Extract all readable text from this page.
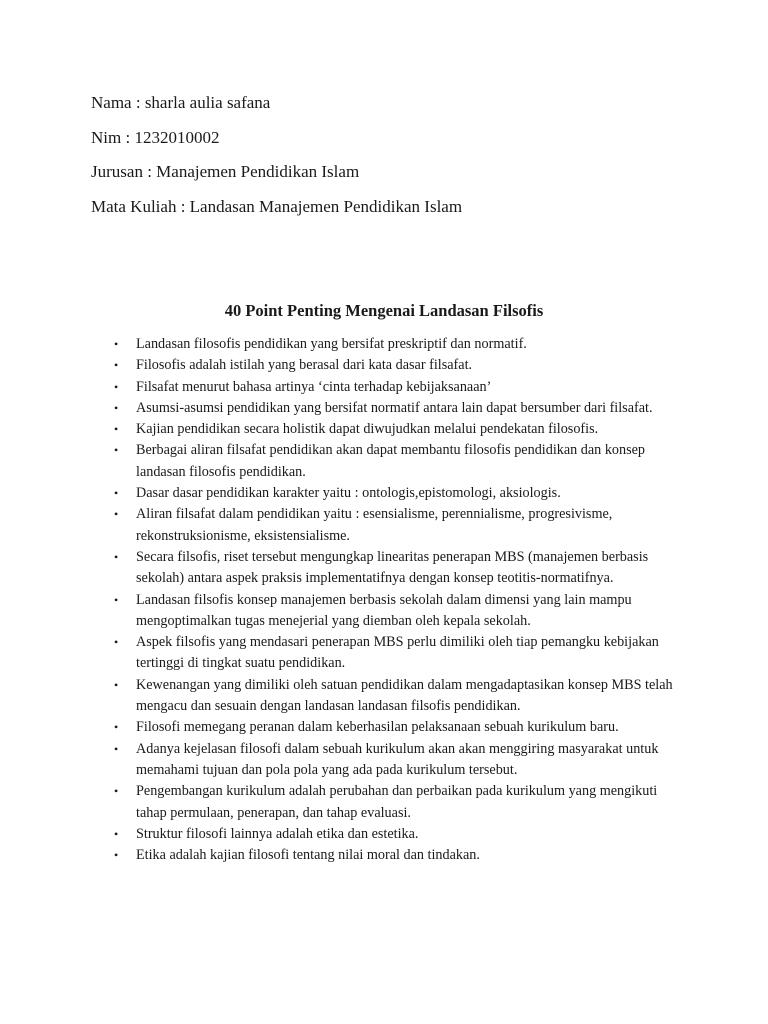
Nama : sharla aulia safana
Nim : 1232010002
Jurusan : Manajemen Pendidikan Islam
Mata Kuliah : Landasan Manajemen Pendidikan Islam
40 Point Penting Mengenai Landasan Filsofis
• Landasan filosofis pendidikan yang bersifat preskriptif dan normatif.
• Filosofis adalah istilah yang berasal dari kata dasar filsafat.
• Filsafat menurut bahasa artinya ‘cinta terhadap kebijaksanaan’
• Asumsi-asumsi pendidikan yang bersifat normatif antara lain dapat bersumber dari filsafat.
• Kajian pendidikan secara holistik dapat diwujudkan melalui pendekatan filosofis.
• Berbagai aliran filsafat pendidikan akan dapat membantu filosofis pendidikan dan konsep landasan filosofis pendidikan.
• Dasar dasar pendidikan karakter yaitu : ontologis,epistomologi, aksiologis.
• Aliran filsafat dalam pendidikan yaitu : esensialisme, perennialisme, progresivisme, rekonstruksionisme, eksistensialisme.
• Secara filsofis, riset tersebut mengungkap linearitas penerapan MBS (manajemen berbasis sekolah) antara aspek praksis implementatifnya dengan konsep teotitis-normatifnya.
• Landasan filsofis konsep manajemen berbasis sekolah dalam dimensi yang lain mampu mengoptimalkan tugas menejerial yang diemban oleh kepala sekolah.
• Aspek filsofis yang mendasari penerapan MBS perlu dimiliki oleh tiap pemangku kebijakan tertinggi di tingkat suatu pendidikan.
• Kewenangan yang dimiliki oleh satuan pendidikan dalam mengadaptasikan konsep MBS telah mengacu dan sesuain dengan landasan landasan filsofis pendidikan.
• Filosofi memegang peranan dalam keberhasilan pelaksanaan sebuah kurikulum baru.
• Adanya kejelasan filosofi dalam sebuah kurikulum akan akan menggiring masyarakat untuk memahami tujuan dan pola pola yang ada pada kurikulum tersebut.
• Pengembangan kurikulum adalah perubahan dan perbaikan pada kurikulum yang mengikuti tahap permulaan, penerapan, dan tahap evaluasi.
• Struktur filosofi lainnya adalah etika dan estetika.
• Etika adalah kajian filosofi tentang nilai moral dan tindakan.
